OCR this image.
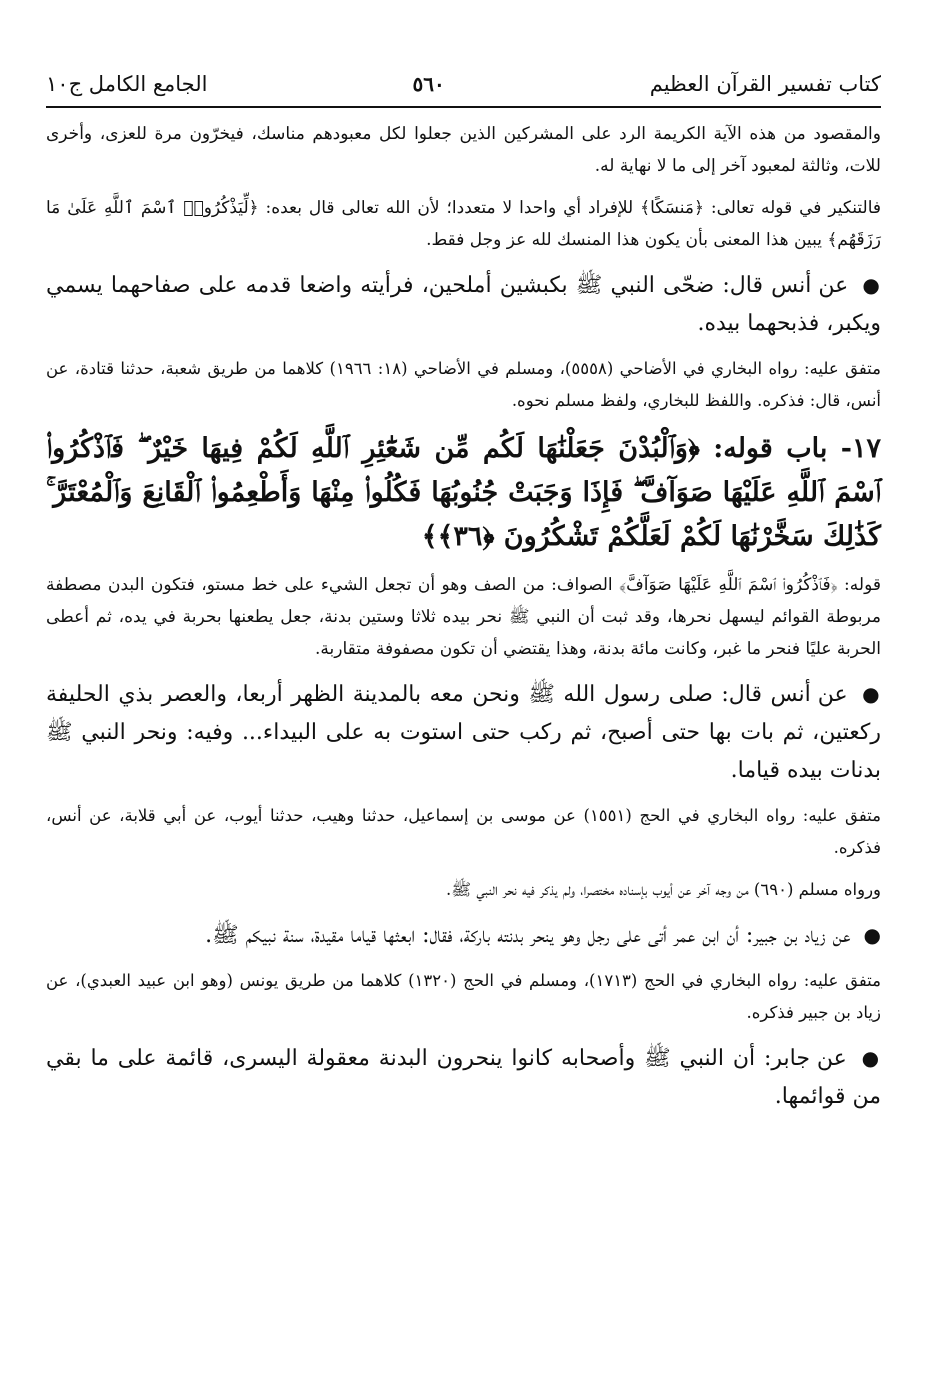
كتاب تفسير القرآن العظيم
٥٦٠
الجامع الكامل ج١٠

والمقصود من هذه الآية الكريمة الرد على المشركين الذين جعلوا لكل معبودهم مناسك، فيخرّون مرة للعزى، وأخرى للات، وثالثة لمعبود آخر إلى ما لا نهاية له.

فالتنكير في قوله تعالى: ﴿مَنسَكًا﴾ للإفراد أي واحدا لا متعددا؛ لأن الله تعالى قال بعده: ﴿لِّيَذْكُرُوا۟ ٱسْمَ ٱللَّهِ عَلَىٰ مَا رَزَقَهُم﴾ يبين هذا المعنى بأن يكون هذا المنسك لله عز وجل فقط.

● عن أنس قال: ضحّى النبي ﷺ بكبشين أملحين، فرأيته واضعا قدمه على صفاحهما يسمي ويكبر، فذبحهما بيده.

متفق عليه: رواه البخاري في الأضاحي (٥٥٥٨)، ومسلم في الأضاحي (١٨: ١٩٦٦) كلاهما من طريق شعبة، حدثنا قتادة، عن أنس، قال: فذكره. واللفظ للبخاري، ولفظ مسلم نحوه.

١٧- باب قوله: ﴿وَٱلْبُدْنَ جَعَلْنَٰهَا لَكُم مِّن شَعَٰٓئِرِ ٱللَّهِ لَكُمْ فِيهَا خَيْرٌ ۖ فَٱذْكُرُوا۟ ٱسْمَ ٱللَّهِ عَلَيْهَا صَوَآفَّ ۖ فَإِذَا وَجَبَتْ جُنُوبُهَا فَكُلُوا۟ مِنْهَا وَأَطْعِمُوا۟ ٱلْقَانِعَ وَٱلْمُعْتَرَّ ۚ كَذَٰلِكَ سَخَّرْنَٰهَا لَكُمْ لَعَلَّكُمْ تَشْكُرُونَ ﴿٣٦﴾﴾

قوله: ﴿فَٱذْكُرُوا۟ ٱسْمَ ٱللَّهِ عَلَيْهَا صَوَآفَّ﴾ الصواف: من الصف وهو أن تجعل الشيء على خط مستو، فتكون البدن مصطفة مربوطة القوائم ليسهل نحرها، وقد ثبت أن النبي ﷺ نحر بيده ثلاثا وستين بدنة، جعل يطعنها بحربة في يده، ثم أعطى الحربة عليًا فنحر ما غبر، وكانت مائة بدنة، وهذا يقتضي أن تكون مصفوفة متقاربة.

● عن أنس قال: صلى رسول الله ﷺ ونحن معه بالمدينة الظهر أربعا، والعصر بذي الحليفة ركعتين، ثم بات بها حتى أصبح، ثم ركب حتى استوت به على البيداء... وفيه: ونحر النبي ﷺ بدنات بيده قياما.

متفق عليه: رواه البخاري في الحج (١٥٥١) عن موسى بن إسماعيل، حدثنا وهيب، حدثنا أيوب، عن أبي قلابة، عن أنس، فذكره.

ورواه مسلم (٦٩٠) من وجه آخر عن أيوب بإسناده مختصرا، ولم يذكر فيه نحر النبي ﷺ.

● عن زياد بن جبير: أن ابن عمر أتى على رجل وهو ينحر بدنته باركة، فقال: ابعثها قياما مقيدة، سنة نبيكم ﷺ.

متفق عليه: رواه البخاري في الحج (١٧١٣)، ومسلم في الحج (١٣٢٠) كلاهما من طريق يونس (وهو ابن عبيد العبدي)، عن زياد بن جبير فذكره.

● عن جابر: أن النبي ﷺ وأصحابه كانوا ينحرون البدنة معقولة اليسرى، قائمة على ما بقي من قوائمها.
